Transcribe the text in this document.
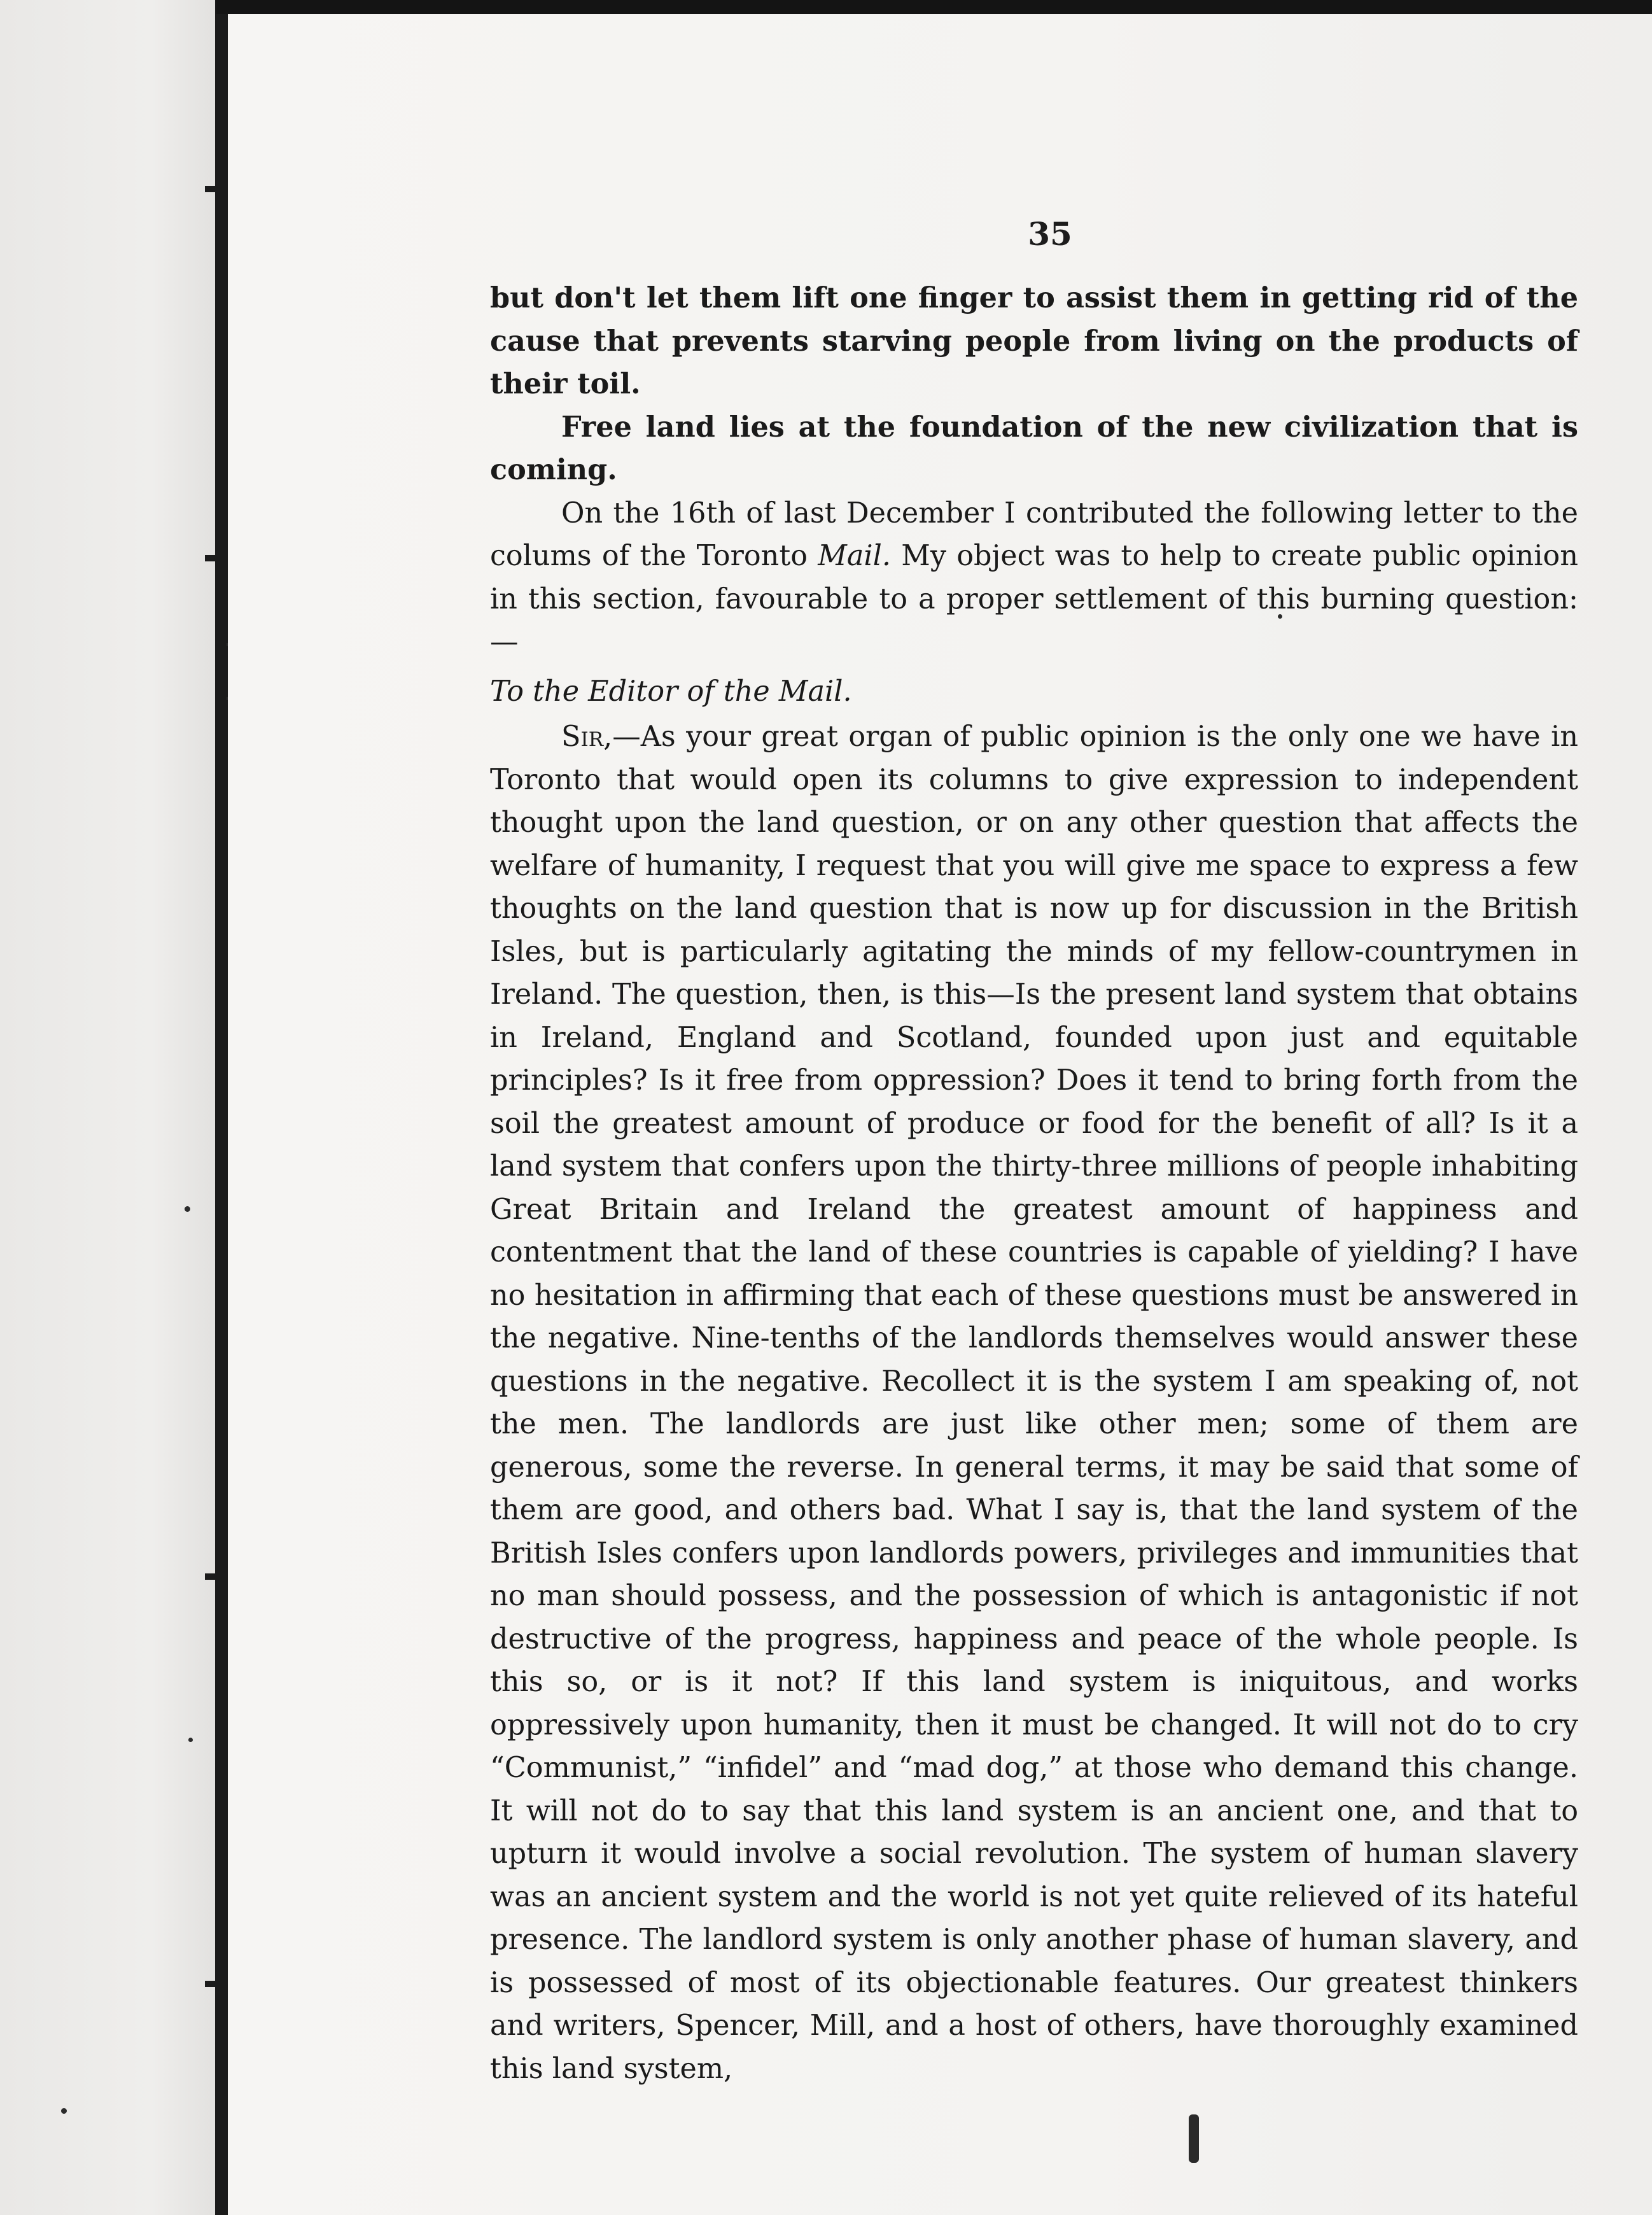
35

but don't let them lift one finger to assist them in getting rid of the cause that prevents starving people from living on the products of their toil.

Free land lies at the foundation of the new civilization that is coming.

On the 16th of last December I contributed the following letter to the colums of the Toronto Mail. My object was to help to create public opinion in this section, favourable to a proper settlement of this burning question:—

To the Editor of the Mail.

Sir,—As your great organ of public opinion is the only one we have in Toronto that would open its columns to give expression to independent thought upon the land question, or on any other question that affects the welfare of humanity, I request that you will give me space to express a few thoughts on the land question that is now up for discussion in the British Isles, but is particularly agitating the minds of my fellow-countrymen in Ireland. The question, then, is this—Is the present land system that obtains in Ireland, England and Scotland, founded upon just and equitable principles? Is it free from oppression? Does it tend to bring forth from the soil the greatest amount of produce or food for the benefit of all? Is it a land system that confers upon the thirty-three millions of people inhabiting Great Britain and Ireland the greatest amount of happiness and contentment that the land of these countries is capable of yielding? I have no hesitation in affirming that each of these questions must be answered in the negative. Nine-tenths of the landlords themselves would answer these questions in the negative. Recollect it is the system I am speaking of, not the men. The landlords are just like other men; some of them are generous, some the reverse. In general terms, it may be said that some of them are good, and others bad. What I say is, that the land system of the British Isles confers upon landlords powers, privileges and immunities that no man should possess, and the possession of which is antagonistic if not destructive of the progress, happiness and peace of the whole people. Is this so, or is it not? If this land system is iniquitous, and works oppressively upon humanity, then it must be changed. It will not do to cry “Communist,” “infidel” and “mad dog,” at those who demand this change. It will not do to say that this land system is an ancient one, and that to upturn it would involve a social revolution. The system of human slavery was an ancient system and the world is not yet quite relieved of its hateful presence. The landlord system is only another phase of human slavery, and is possessed of most of its objectionable features. Our greatest thinkers and writers, Spencer, Mill, and a host of others, have thoroughly examined this land system,
